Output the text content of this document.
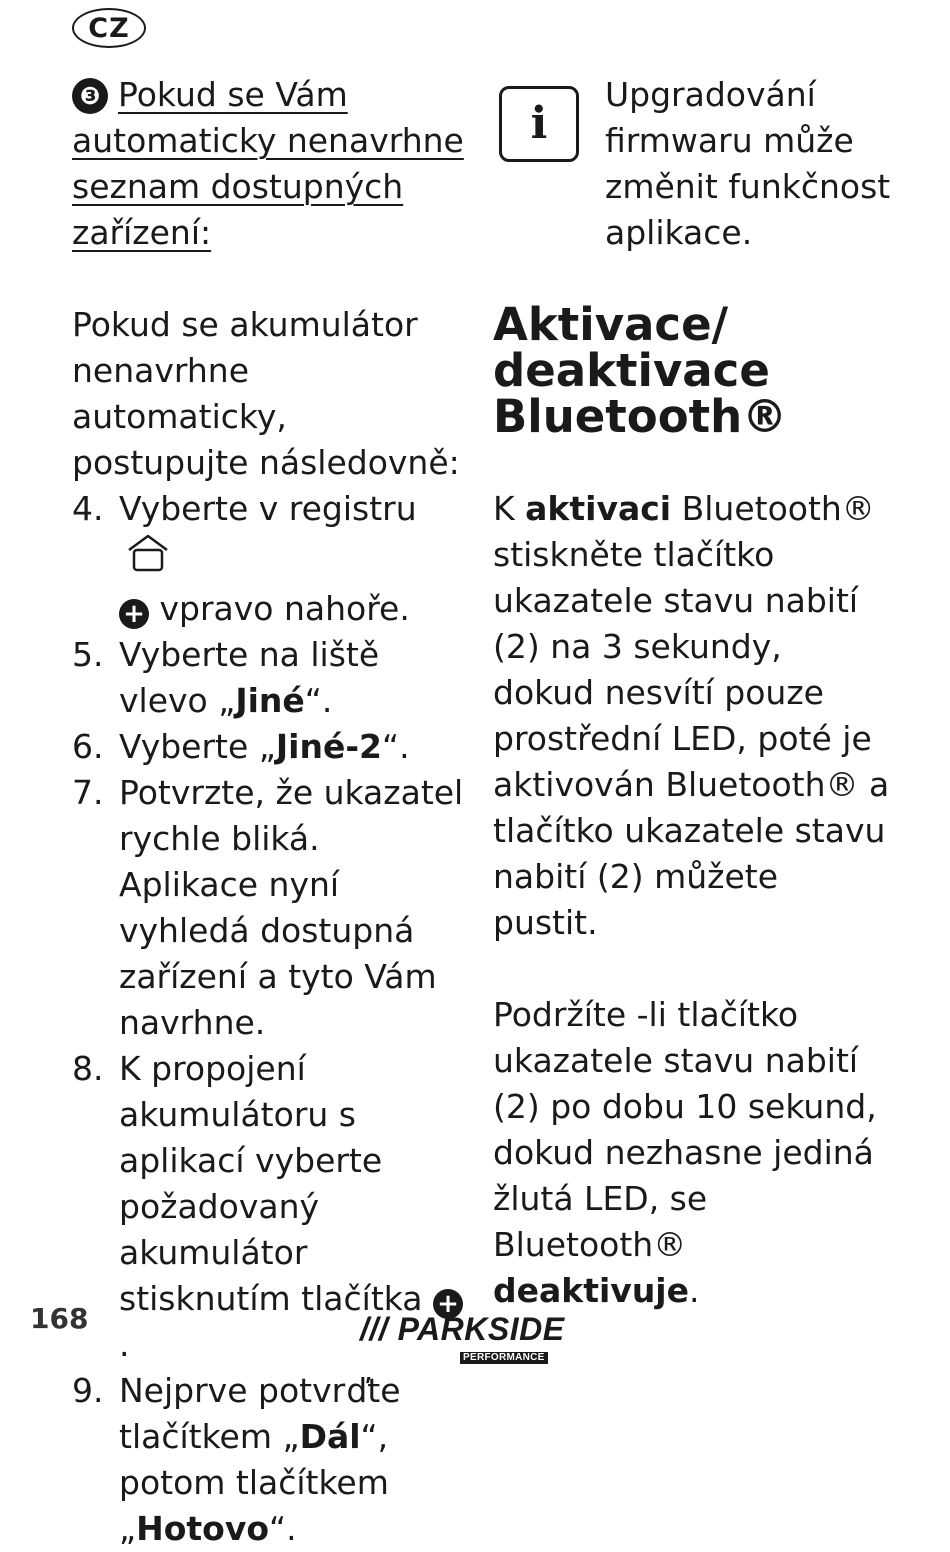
CZ

❸ Pokud se Vám automaticky nenavrhne seznam dostupných zařízení:

Pokud se akumulátor nenavrhne automaticky, postupujte následovně:

4. Vyberte v registru
+ vpravo nahoře.
5. Vyberte na liště vlevo „Jiné“.
6. Vyberte „Jiné-2“.
7. Potvrzte, že ukazatel rychle bliká.
Aplikace nyní vyhledá dostupná zařízení a tyto Vám navrhne.
8. K propojení akumulátoru s aplikací vyberte požadovaný akumulátor stisknutím tlačítka +.
9. Nejprve potvrďte tlačítkem „Dál“, potom tlačítkem „Hotovo“.
i

Upgradování firmwaru může změnit funkčnost aplikace.

Aktivace/ deaktivace Bluetooth®

K aktivaci Bluetooth® stiskněte tlačítko ukazatele stavu nabití (2) na 3 sekundy, dokud nesvítí pouze prostřední LED, poté je aktivován Bluetooth® a tlačítko ukazatele stavu nabití (2) můžete pustit.

Podržíte -li tlačítko ukazatele stavu nabití (2) po dobu 10 sekund, dokud nezhasne jediná žlutá LED, se Bluetooth® deaktivuje.

168	/// PARKSIDE
PERFORMANCE
